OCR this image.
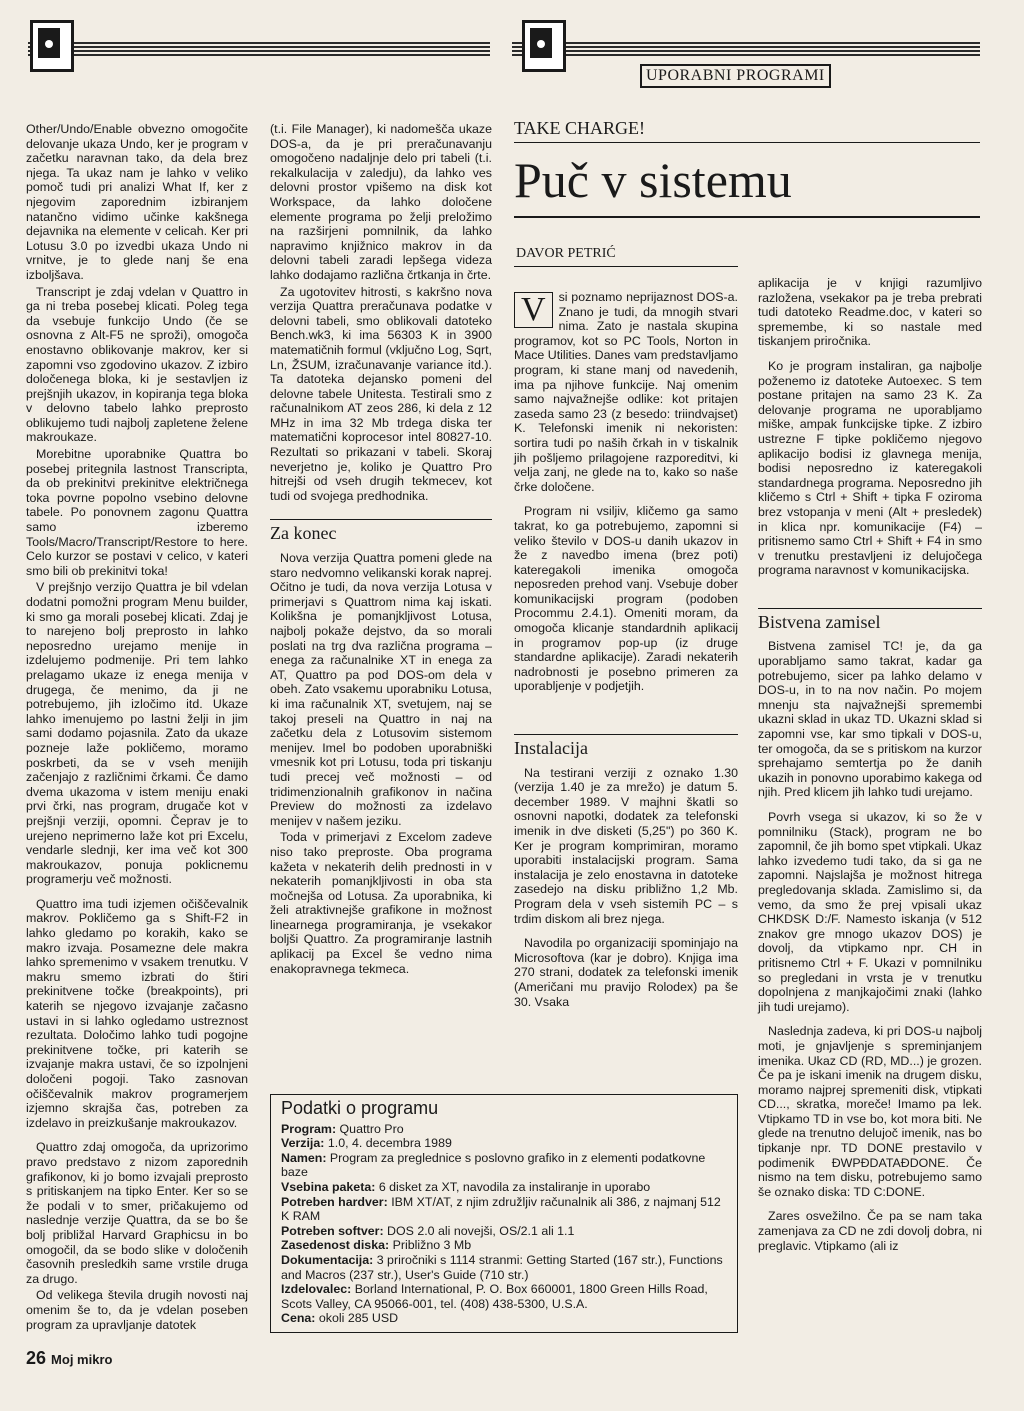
UPORABNI PROGRAMI

Other/Undo/Enable obvezno omogočite delovanje ukaza Undo, ker je program v začetku naravnan tako, da dela brez njega. Ta ukaz nam je lahko v veliko pomoč tudi pri analizi What If, ker z njegovim zaporednim izbiranjem natančno vidimo učinke kakšnega dejavnika na elemente v celicah. Ker pri Lotusu 3.0 po izvedbi ukaza Undo ni vrnitve, je to glede nanj še ena izboljšava.

Transcript je zdaj vdelan v Quattro in ga ni treba posebej klicati. Poleg tega da vsebuje funkcijo Undo (če se osnovna z Alt-F5 ne sproži), omogoča enostavno oblikovanje makrov, ker si zapomni vso zgodovino ukazov. Z izbiro določenega bloka, ki je sestavljen iz prejšnjih ukazov, in kopiranja tega bloka v delovno tabelo lahko preprosto oblikujemo tudi najbolj zapletene želene makroukaze.

Morebitne uporabnike Quattra bo posebej pritegnila lastnost Transcripta, da ob prekinitvi prekinitve električnega toka povrne popolno vsebino delovne tabele. Po ponovnem zagonu Quattra samo izberemo Tools/Macro/Transcript/Restore to here. Celo kurzor se postavi v celico, v kateri smo bili ob prekinitvi toka!

V prejšnjo verzijo Quattra je bil vdelan dodatni pomožni program Menu builder, ki smo ga morali posebej klicati. Zdaj je to narejeno bolj preprosto in lahko neposredno urejamo menije in izdelujemo podmenije. Pri tem lahko prelagamo ukaze iz enega menija v drugega, če menimo, da ji ne potrebujemo, jih izločimo itd. Ukaze lahko imenujemo po lastni želji in jim sami dodamo pojasnila. Zato da ukaze pozneje laže pokličemo, moramo poskrbeti, da se v vseh menijih začenjajo z različnimi črkami. Če damo dvema ukazoma v istem meniju enaki prvi črki, nas program, drugače kot v prejšnji verziji, opomni. Čeprav je to urejeno neprimerno laže kot pri Excelu, vendarle slednji, ker ima več kot 300 makroukazov, ponuja poklicnemu programerju več možnosti.

Quattro ima tudi izjemen očiščevalnik makrov. Pokličemo ga s Shift-F2 in lahko gledamo po korakih, kako se makro izvaja. Posamezne dele makra lahko spremenimo v vsakem trenutku. V makru smemo izbrati do štiri prekinitvene točke (breakpoints), pri katerih se njegovo izvajanje začasno ustavi in si lahko ogledamo ustreznost rezultata. Določimo lahko tudi pogojne prekinitvene točke, pri katerih se izvajanje makra ustavi, če so izpolnjeni določeni pogoji. Tako zasnovan očiščevalnik makrov programerjem izjemno skrajša čas, potreben za izdelavo in preizkušanje makroukazov.

Quattro zdaj omogoča, da uprizorimo pravo predstavo z nizom zaporednih grafikonov, ki jo bomo izvajali preprosto s pritiskanjem na tipko Enter. Ker so se že podali v to smer, pričakujemo od naslednje verzije Quattra, da se bo še bolj približal Harvard Graphicsu in bo omogočil, da se bodo slike v določenih časovnih presledkih same vrstile druga za drugo.

Od velikega števila drugih novosti naj omenim še to, da je vdelan poseben program za upravljanje datotek

(t.i. File Manager), ki nadomešča ukaze DOS-a, da je pri preračunavanju omogočeno nadaljnje delo pri tabeli (t.i. rekalkulacija v zaledju), da lahko ves delovni prostor vpišemo na disk kot Workspace, da lahko določene elemente programa po želji preložimo na razširjeni pomnilnik, da lahko napravimo knjižnico makrov in da delovni tabeli zaradi lepšega videza lahko dodajamo različna črtkanja in črte.

Za ugotovitev hitrosti, s kakršno nova verzija Quattra preračunava podatke v delovni tabeli, smo oblikovali datoteko Bench.wk3, ki ima 56303 K in 3900 matematičnih formul (vključno Log, Sqrt, Ln, ŽSUM, izračunavanje variance itd.). Ta datoteka dejansko pomeni del delovne tabele Unitesta. Testirali smo z računalnikom AT zeos 286, ki dela z 12 MHz in ima 32 Mb trdega diska ter matematični koprocesor intel 80827-10. Rezultati so prikazani v tabeli. Skoraj neverjetno je, koliko je Quattro Pro hitrejši od vseh drugih tekmecev, kot tudi od svojega predhodnika.

Za konec

Nova verzija Quattra pomeni glede na staro nedvomno velikanski korak naprej. Očitno je tudi, da nova verzija Lotusa v primerjavi s Quattrom nima kaj iskati. Kolikšna je pomanjkljivost Lotusa, najbolj pokaže dejstvo, da so morali poslati na trg dva različna programa – enega za računalnike XT in enega za AT, Quattro pa pod DOS-om dela v obeh. Zato vsakemu uporabniku Lotusa, ki ima računalnik XT, svetujem, naj se takoj preseli na Quattro in naj na začetku dela z Lotusovim sistemom menijev. Imel bo podoben uporabniški vmesnik kot pri Lotusu, toda pri tiskanju tudi precej več možnosti – od tridimenzionalnih grafikonov in načina Preview do možnosti za izdelavo menijev v našem jeziku.

Toda v primerjavi z Excelom zadeve niso tako preproste. Oba programa kažeta v nekaterih delih prednosti in v nekaterih pomanjkljivosti in oba sta močnejša od Lotusa. Za uporabnika, ki želi atraktivnejše grafikone in možnost linearnega programiranja, je vsekakor boljši Quattro. Za programiranje lastnih aplikacij pa Excel še vedno nima enakopravnega tekmeca.

TAKE CHARGE!
Puč v sistemu
DAVOR PETRIĆ

V	si poznamo neprijaznost DOS-a. Znano je tudi, da mnogih stvari nima. Zato je nastala skupina programov, kot so PC Tools, Norton in Mace Utilities. Danes vam predstavljamo program, ki stane manj od navedenih, ima pa njihove funkcije. Naj omenim samo najvažnejše odlike: kot pritajen zaseda samo 23 (z besedo: triindvajset) K. Telefonski imenik ni nekoristen: sortira tudi po naših črkah in v tiskalnik jih pošljemo prilagojene razporeditvi, ki velja zanj, ne glede na to, kako so naše črke določene.

Program ni vsiljiv, kličemo ga samo takrat, ko ga potrebujemo, zapomni si veliko število v DOS-u danih ukazov in že z navedbo imena (brez poti) kateregakoli imenika omogoča neposreden prehod vanj. Vsebuje dober komunikacijski program (podoben Procommu 2.4.1). Omeniti moram, da omogoča klicanje standardnih aplikacij in programov pop-up (iz druge standardne aplikacije). Zaradi nekaterih nadrobnosti je posebno primeren za uporabljenje v podjetjih.

Instalacija

Na testirani verziji z oznako 1.30 (verzija 1.40 je za mrežo) je datum 5. december 1989. V majhni škatli so osnovni napotki, dodatek za telefonski imenik in dve disketi (5,25") po 360 K. Ker je program komprimiran, moramo uporabiti instalacijski program. Sama instalacija je zelo enostavna in datoteke zasedejo na disku približno 1,2 Mb. Program dela v vseh sistemih PC – s trdim diskom ali brez njega.

Navodila po organizaciji spominjajo na Microsoftova (kar je dobro). Knjiga ima 270 strani, dodatek za telefonski imenik (Američani mu pravijo Rolodex) pa še 30. Vsaka

aplikacija je v knjigi razumljivo razložena, vsekakor pa je treba prebrati tudi datoteko Readme.doc, v kateri so spremembe, ki so nastale med tiskanjem priročnika.

Ko je program instaliran, ga najbolje poženemo iz datoteke Autoexec. S tem postane pritajen na samo 23 K. Za delovanje programa ne uporabljamo miške, ampak funkcijske tipke. Z izbiro ustrezne F tipke pokličemo njegovo aplikacijo bodisi iz glavnega menija, bodisi neposredno iz kateregakoli standardnega programa. Neposredno jih kličemo s Ctrl + Shift + tipka F oziroma brez vstopanja v meni (Alt + presledek) in klica npr. komunikacije (F4) – pritisnemo samo Ctrl + Shift + F4 in smo v trenutku prestavljeni iz delujočega programa naravnost v komunikacijska.

Bistvena zamisel

Bistvena zamisel TC! je, da ga uporabljamo samo takrat, kadar ga potrebujemo, sicer pa lahko delamo v DOS-u, in to na nov način. Po mojem mnenju sta najvažnejši spremembi ukazni sklad in ukaz TD. Ukazni sklad si zapomni vse, kar smo tipkali v DOS-u, ter omogoča, da se s pritiskom na kurzor sprehajamo semtertja po že danih ukazih in ponovno uporabimo kakega od njih. Pred klicem jih lahko tudi urejamo.

Povrh vsega si ukazov, ki so že v pomnilniku (Stack), program ne bo zapomnil, če jih bomo spet vtipkali. Ukaz lahko izvedemo tudi tako, da si ga ne zapomni. Najslajša je možnost hitrega pregledovanja sklada. Zamislimo si, da vemo, da smo že prej vpisali ukaz CHKDSK D:/F. Namesto iskanja (v 512 znakov gre mnogo ukazov DOS) je dovolj, da vtipkamo npr. CH in pritisnemo Ctrl + F. Ukazi v pomnilniku so pregledani in vrsta je v trenutku dopolnjena z manjkajočimi znaki (lahko jih tudi urejamo).

Naslednja zadeva, ki pri DOS-u najbolj moti, je gnjavljenje s spreminjanjem imenika. Ukaz CD (RD, MD...) je grozen. Če pa je iskani imenik na drugem disku, moramo najprej spremeniti disk, vtipkati CD..., skratka, moreče! Imamo pa lek. Vtipkamo TD in vse bo, kot mora biti. Ne glede na trenutno delujoč imenik, nas bo tipkanje npr. TD DONE prestavilo v podimenik ĐWPĐDATAĐDONE. Če nismo na tem disku, potrebujemo samo še oznako diska: TD C:DONE.

Zares osvežilno. Če pa se nam taka zamenjava za CD ne zdi dovolj dobra, ni preglavic. Vtipkamo (ali iz

Podatki o programu

Program: Quattro Pro

Verzija: 1.0, 4. decembra 1989

Namen: Program za preglednice s poslovno grafiko in z elementi podatkovne baze

Vsebina paketa: 6 disket za XT, navodila za instaliranje in uporabo

Potreben hardver: IBM XT/AT, z njim združljiv računalnik ali 386, z najmanj 512 K RAM

Potreben softver: DOS 2.0 ali novejši, OS/2.1 ali 1.1

Zasedenost diska: Približno 3 Mb

Dokumentacija: 3 priročniki s 1114 stranmi: Getting Started (167 str.), Functions and Macros (237 str.), User's Guide (710 str.)

Izdelovalec: Borland International, P. O. Box 660001, 1800 Green Hills Road, Scots Valley, CA 95066-001, tel. (408) 438-5300, U.S.A.

Cena: okoli 285 USD

26 Moj mikro
